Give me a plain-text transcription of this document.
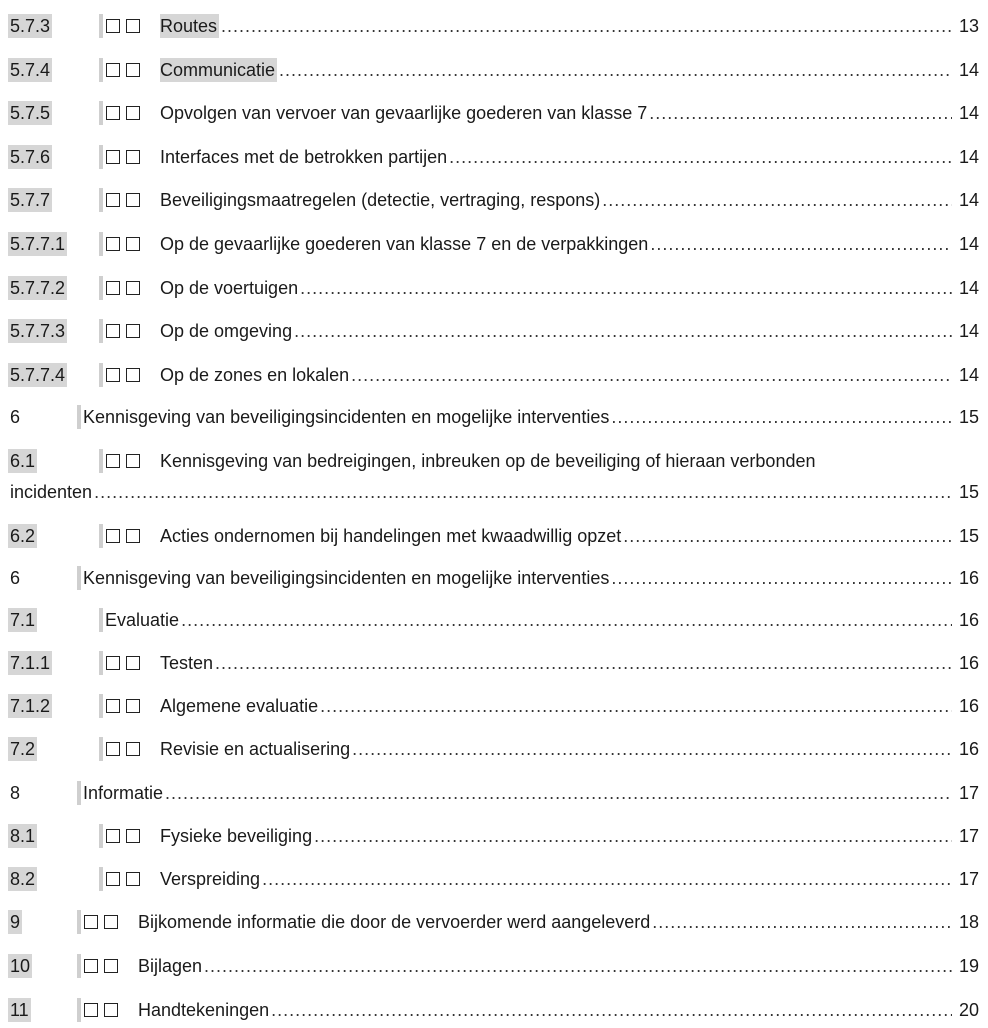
5.7.3	Routes .....	13
5.7.4	Communicatie .....	14
5.7.5	Opvolgen van vervoer van gevaarlijke goederen van klasse 7 .....	14
5.7.6	Interfaces met de betrokken partijen .....	14
5.7.7	Beveiligingsmaatregelen (detectie, vertraging, respons) .....	14
5.7.7.1	Op de gevaarlijke goederen van klasse 7 en de verpakkingen .....	14
5.7.7.2	Op de voertuigen .....	14
5.7.7.3	Op de omgeving .....	14
5.7.7.4	Op de zones en lokalen .....	14
6	Kennisgeving van beveiligingsincidenten en mogelijke interventies .....	15
6.1	Kennisgeving van bedreigingen, inbreuken op de beveiliging of hieraan verbonden
incidenten .....	15
6.2	Acties ondernomen bij handelingen met kwaadwillig opzet .....	15
6	Kennisgeving van beveiligingsincidenten en mogelijke interventies .....	16
7.1	Evaluatie .....	16
7.1.1	Testen .....	16
7.1.2	Algemene evaluatie .....	16
7.2	Revisie en actualisering .....	16
8	Informatie .....	17
8.1	Fysieke beveiliging .....	17
8.2	Verspreiding .....	17
9	Bijkomende informatie die door de vervoerder werd aangeleverd .....	18
10	Bijlagen .....	19
11	Handtekeningen .....	20
